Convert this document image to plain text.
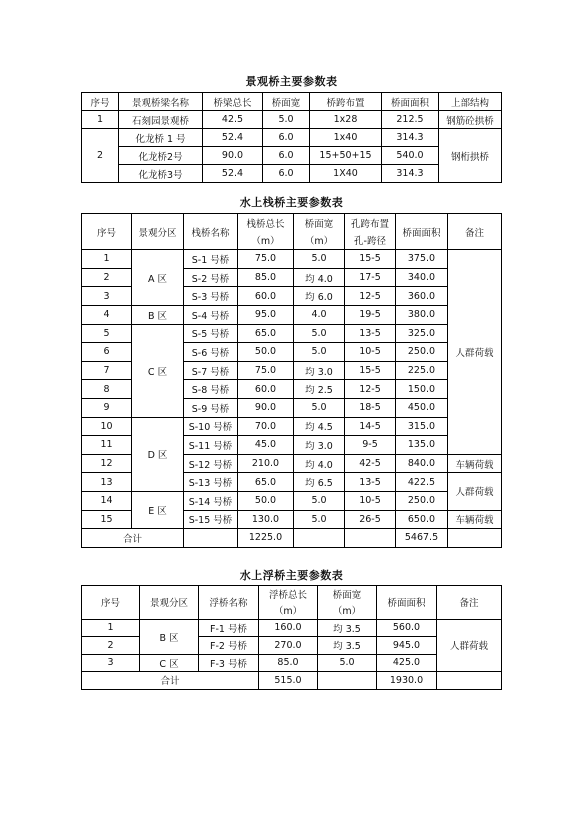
景观桥主要参数表
序号	景观桥梁名称	桥梁总长	桥面宽	桥跨布置	桥面面积	上部结构
1	石刻园景观桥	42.5	5.0	1x28	212.5	钢筋砼拱桥
2	化龙桥 1 号	52.4	6.0	1x40	314.3	钢桁拱桥
	化龙桥2号	90.0	6.0	15+50+15	540.0	
	化龙桥3号	52.4	6.0	1X40	314.3	
水上栈桥主要参数表
序号	景观分区	栈桥名称	栈桥总长	桥面宽	孔跨布置	桥面面积	备注
			（m）	（m）	孔-跨径		
1	A 区	S-1 号桥	75.0	5.0	15-5	375.0	人群荷载
2		S-2 号桥	85.0	均 4.0	17-5	340.0	
3		S-3 号桥	60.0	均 6.0	12-5	360.0	
4	B 区	S-4 号桥	95.0	4.0	19-5	380.0	
5	C 区	S-5 号桥	65.0	5.0	13-5	325.0	
6		S-6 号桥	50.0	5.0	10-5	250.0	
7		S-7 号桥	75.0	均 3.0	15-5	225.0	
8		S-8 号桥	60.0	均 2.5	12-5	150.0	
9		S-9 号桥	90.0	5.0	18-5	450.0	
10	D 区	S-10 号桥	70.0	均 4.5	14-5	315.0	
11		S-11 号桥	45.0	均 3.0	9-5	135.0	
12		S-12 号桥	210.0	均 4.0	42-5	840.0	车辆荷载
13		S-13 号桥	65.0	均 6.5	13-5	422.5	人群荷载
14	E 区	S-14 号桥	50.0	5.0	10-5	250.0	
15		S-15 号桥	130.0	5.0	26-5	650.0	车辆荷载
合计			1225.0			5467.5	
水上浮桥主要参数表
序号	景观分区	浮桥名称	浮桥总长	桥面宽	桥面面积	备注
			（m）	（m）		
1	B 区	F-1 号桥	160.0	均 3.5	560.0	人群荷载
2		F-2 号桥	270.0	均 3.5	945.0	
3	C 区	F-3 号桥	85.0	5.0	425.0	
合计			515.0		1930.0	
